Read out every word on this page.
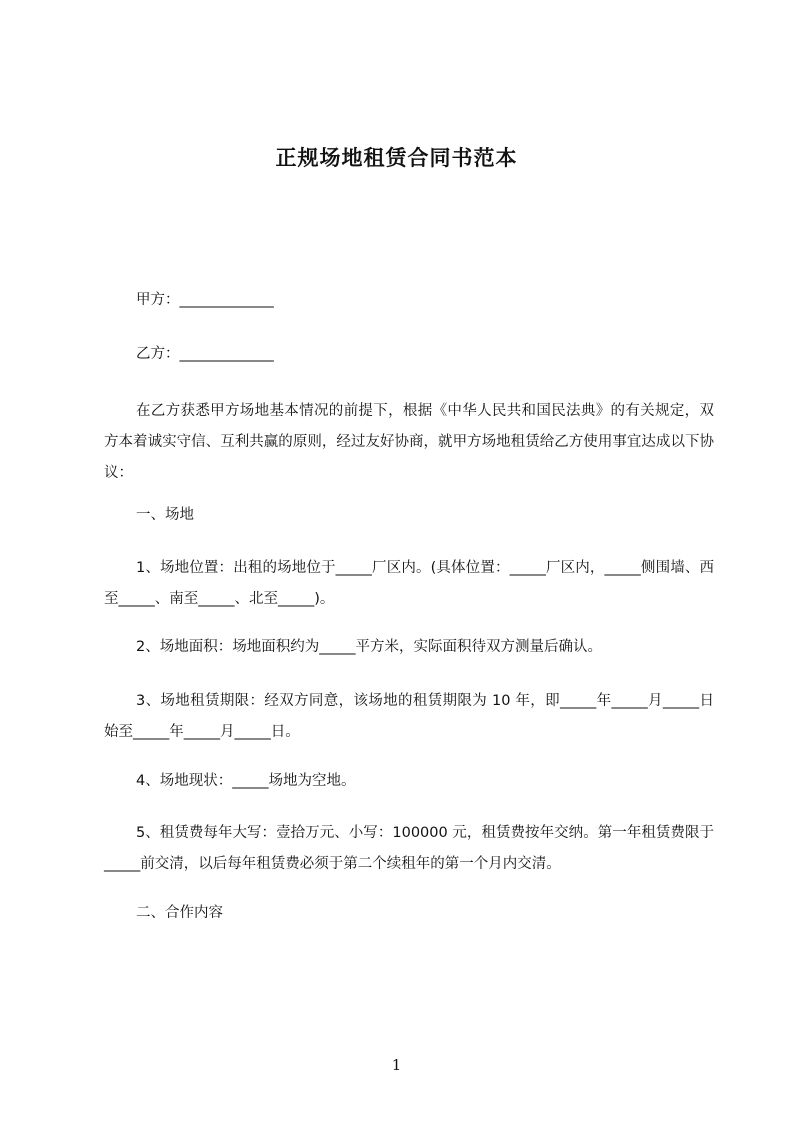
正规场地租赁合同书范本
甲方：_____________
乙方：_____________
在乙方获悉甲方场地基本情况的前提下，根据《中华人民共和国民法典》的有关规定，双方本着诚实守信、互利共赢的原则，经过友好协商，就甲方场地租赁给乙方使用事宜达成以下协议：
一、场地
1、场地位置：出租的场地位于_____厂区内。(具体位置：_____厂区内，_____侧围墙、西至_____、南至_____、北至_____)。
2、场地面积：场地面积约为_____平方米，实际面积待双方测量后确认。
3、场地租赁期限：经双方同意，该场地的租赁期限为 10 年，即_____年_____月_____日始至_____年_____月_____日。
4、场地现状：_____场地为空地。
5、租赁费每年大写：壹拾万元、小写：100000 元，租赁费按年交纳。第一年租赁费限于_____前交清，以后每年租赁费必须于第二个续租年的第一个月内交清。
二、合作内容
1
